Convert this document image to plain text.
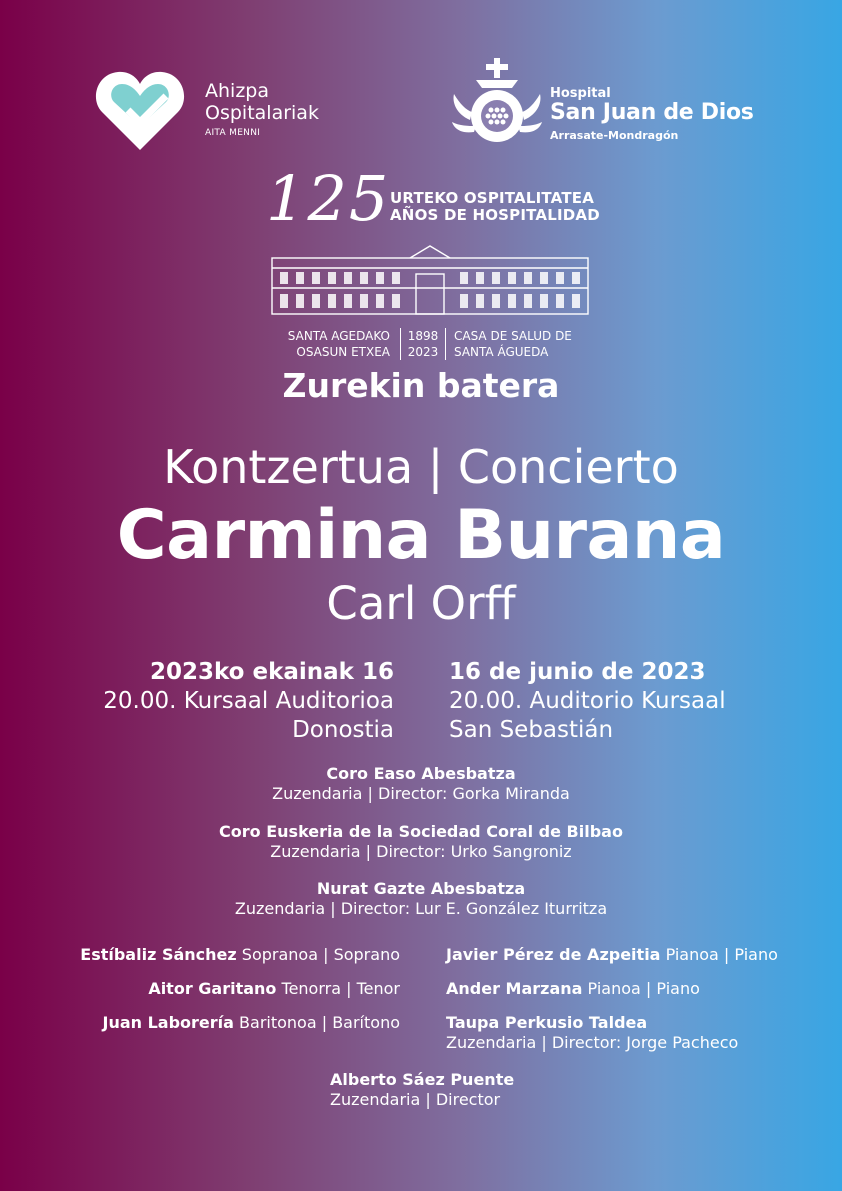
Ahizpa
Ospitalariak
AITA MENNI
Hospital
San Juan de Dios
Arrasate-Mondragón
125 URTEKO OSPITALITATEA
AÑOS DE HOSPITALIDAD
SANTA AGEDAKO
OSASUN ETXEA
1898
2023
CASA DE SALUD DE
SANTA ÁGUEDA
Zurekin batera
Kontzertua | Concierto
Carmina Burana
Carl Orff
2023ko ekainak 16
20.00. Kursaal Auditorioa
Donostia
16 de junio de 2023
20.00. Auditorio Kursaal
San Sebastián
Coro Easo Abesbatza
Zuzendaria | Director: Gorka Miranda
Coro Euskeria de la Sociedad Coral de Bilbao
Zuzendaria | Director: Urko Sangroniz
Nurat Gazte Abesbatza
Zuzendaria | Director: Lur E. González Iturritza
Estíbaliz Sánchez Sopranoa | Soprano
Aitor Garitano Tenorra | Tenor
Juan Laborería Baritonoa | Barítono
Javier Pérez de Azpeitia Pianoa | Piano
Ander Marzana Pianoa | Piano
Taupa Perkusio Taldea
Zuzendaria | Director: Jorge Pacheco
Alberto Sáez Puente
Zuzendaria | Director
